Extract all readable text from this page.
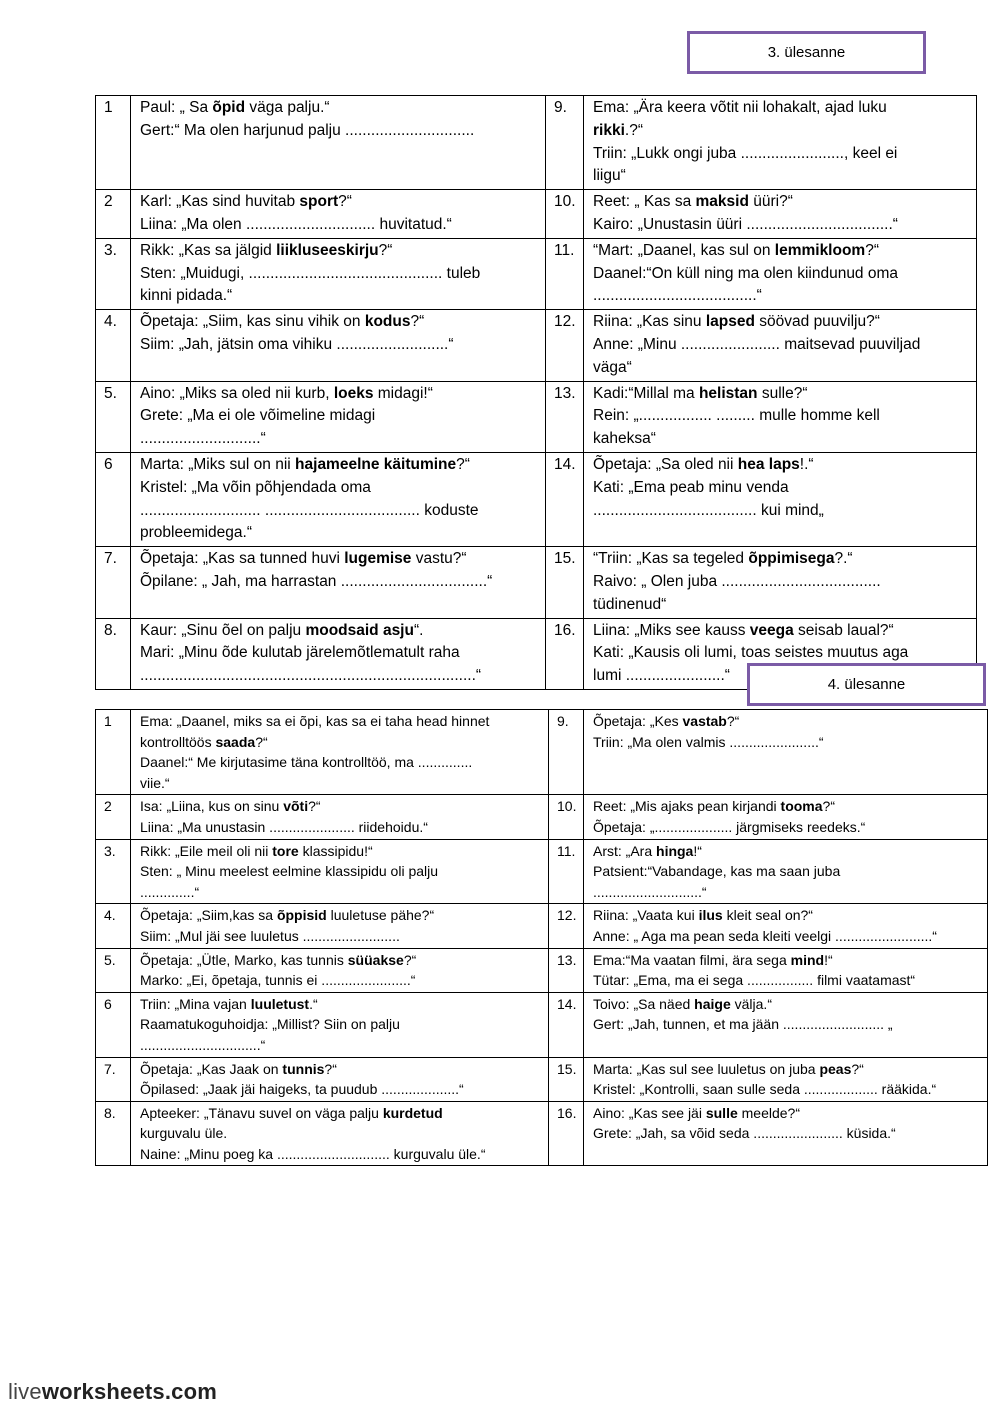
3. ülesanne
1	Paul: „ Sa õpid väga palju.“
Gert:“ Ma olen harjunud palju ..............................	9.	Ema: „Ära keera võtit nii lohakalt, ajad luku
rikki.?“
Triin: „Lukk ongi juba ........................, keel ei
liigu“

2	Karl: „Kas sind huvitab sport?“
Liina: „Ma olen .............................. huvitatud.“	10.	Reet: „ Kas sa maksid üüri?“
Kairo: „Unustasin üüri ..................................“

3.	Rikk: „Kas sa jälgid liikluseeskirju?“
Sten: „Muidugi, ............................................. tuleb
kinni pidada.“	11.	“Mart: „Daanel, kas sul on lemmikloom?“
Daanel:“On küll ning ma olen kiindunud oma
......................................“

4.	Õpetaja: „Siim, kas sinu vihik on kodus?“
Siim: „Jah, jätsin oma vihiku ..........................“	12.	Riina: „Kas sinu lapsed söövad puuvilju?“
Anne: „Minu ....................... maitsevad puuviljad
väga“

5.	Aino: „Miks sa oled nii kurb, loeks midagi!“
Grete: „Ma ei ole võimeline midagi
............................“	13.	Kadi:“Millal ma helistan sulle?“
Rein: „................. ......... mulle homme kell
kaheksa“

6	Marta: „Miks sul on nii hajameelne käitumine?“
Kristel: „Ma võin põhjendada oma
............................ .................................... koduste
probleemidega.“	14.	Õpetaja: „Sa oled nii hea laps!.“
Kati: „Ema peab minu venda
...................................... kui mind„

7.	Õpetaja: „Kas sa tunned huvi lugemise vastu?“
Õpilane: „ Jah, ma harrastan ..................................“	15.	“Triin: „Kas sa tegeled õppimisega?.“
Raivo: „ Olen juba .....................................
tüdinenud“

8.	Kaur: „Sinu õel on palju moodsaid asju“.
Mari: „Minu õde kulutab järelemõtlematult raha
..............................................................................“	16.	Liina: „Miks see kauss veega seisab laual?“
Kati: „Kausis oli lumi, toas seistes muutus aga
lumi .......................“
4. ülesanne
1	Ema: „Daanel, miks sa ei õpi, kas sa ei taha head hinnet
kontrolltöös saada?“
Daanel:“ Me kirjutasime täna kontrolltöö, ma ..............
viie.“	9.	Õpetaja: „Kes vastab?“
Triin: „Ma olen valmis .......................“

2	Isa: „Liina, kus on sinu võti?“
Liina: „Ma unustasin ...................... riidehoidu.“	10.	Reet: „Mis ajaks pean kirjandi tooma?“
Õpetaja: „.................... järgmiseks reedeks.“

3.	Rikk: „Eile meil oli nii tore klassipidu!“
Sten: „ Minu meelest eelmine klassipidu oli palju
..............“	11.	Arst: „Ara hinga!“
Patsient:“Vabandage, kas ma saan juba
............................“

4.	Õpetaja: „Siim,kas sa õppisid luuletuse pähe?“
Siim: „Mul jäi see luuletus .........................	12.	Riina: „Vaata kui ilus kleit seal on?“
Anne: „ Aga ma pean seda kleiti veelgi .........................“

5.	Õpetaja: „Ütle, Marko, kas tunnis süüakse?“
Marko: „Ei, õpetaja, tunnis ei .......................“	13.	Ema:“Ma vaatan filmi, ära sega mind!“
Tütar: „Ema, ma ei sega ................. filmi vaatamast“

6	Triin: „Mina vajan luuletust.“
Raamatukoguhoidja: „Millist? Siin on palju
...............................“	14.	Toivo: „Sa näed haige välja.“
Gert: „Jah, tunnen, et ma jään .......................... „

7.	Õpetaja: „Kas Jaak on tunnis?“
Õpilased: „Jaak jäi haigeks, ta puudub ....................“	15.	Marta: „Kas sul see luuletus on juba peas?“
Kristel: „Kontrolli, saan sulle seda ................... rääkida.“

8.	Apteeker: „Tänavu suvel on väga palju kurdetud
kurguvalu üle.
Naine: „Minu poeg ka ............................. kurguvalu üle.“	16.	Aino: „Kas see jäi sulle meelde?“
Grete: „Jah, sa võid seda ....................... küsida.“
liveworksheets.com
